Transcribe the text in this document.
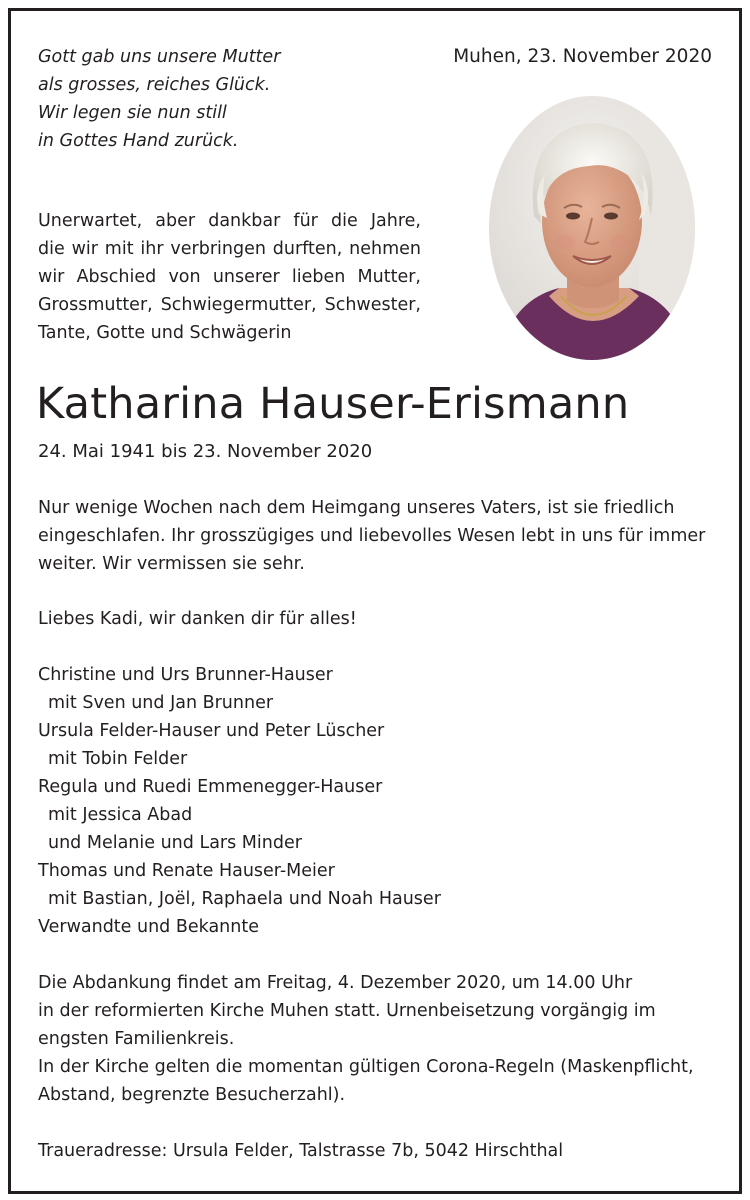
Gott gab uns unsere Mutter
als grosses, reiches Glück.
Wir legen sie nun still
in Gottes Hand zurück.
Muhen, 23. November 2020
Unerwartet, aber dankbar für die Jahre,
die wir mit ihr verbringen durften, nehmen
wir Abschied von unserer lieben Mutter,
Grossmutter, Schwiegermutter, Schwester,
Tante, Gotte und Schwägerin
Katharina Hauser-Erismann
24. Mai 1941 bis 23. November 2020
Nur wenige Wochen nach dem Heimgang unseres Vaters, ist sie friedlich
eingeschlafen. Ihr grosszügiges und liebevolles Wesen lebt in uns für immer
weiter. Wir vermissen sie sehr.
Liebes Kadi, wir danken dir für alles!
Christine und Urs Brunner-Hauser
mit Sven und Jan Brunner
Ursula Felder-Hauser und Peter Lüscher
mit Tobin Felder
Regula und Ruedi Emmenegger-Hauser
mit Jessica Abad
und Melanie und Lars Minder
Thomas und Renate Hauser-Meier
mit Bastian, Joël, Raphaela und Noah Hauser
Verwandte und Bekannte
Die Abdankung findet am Freitag, 4. Dezember 2020, um 14.00 Uhr
in der reformierten Kirche Muhen statt. Urnenbeisetzung vorgängig im
engsten Familienkreis.
In der Kirche gelten die momentan gültigen Corona-Regeln (Maskenpflicht,
Abstand, begrenzte Besucherzahl).
Traueradresse: Ursula Felder, Talstrasse 7b, 5042 Hirschthal
